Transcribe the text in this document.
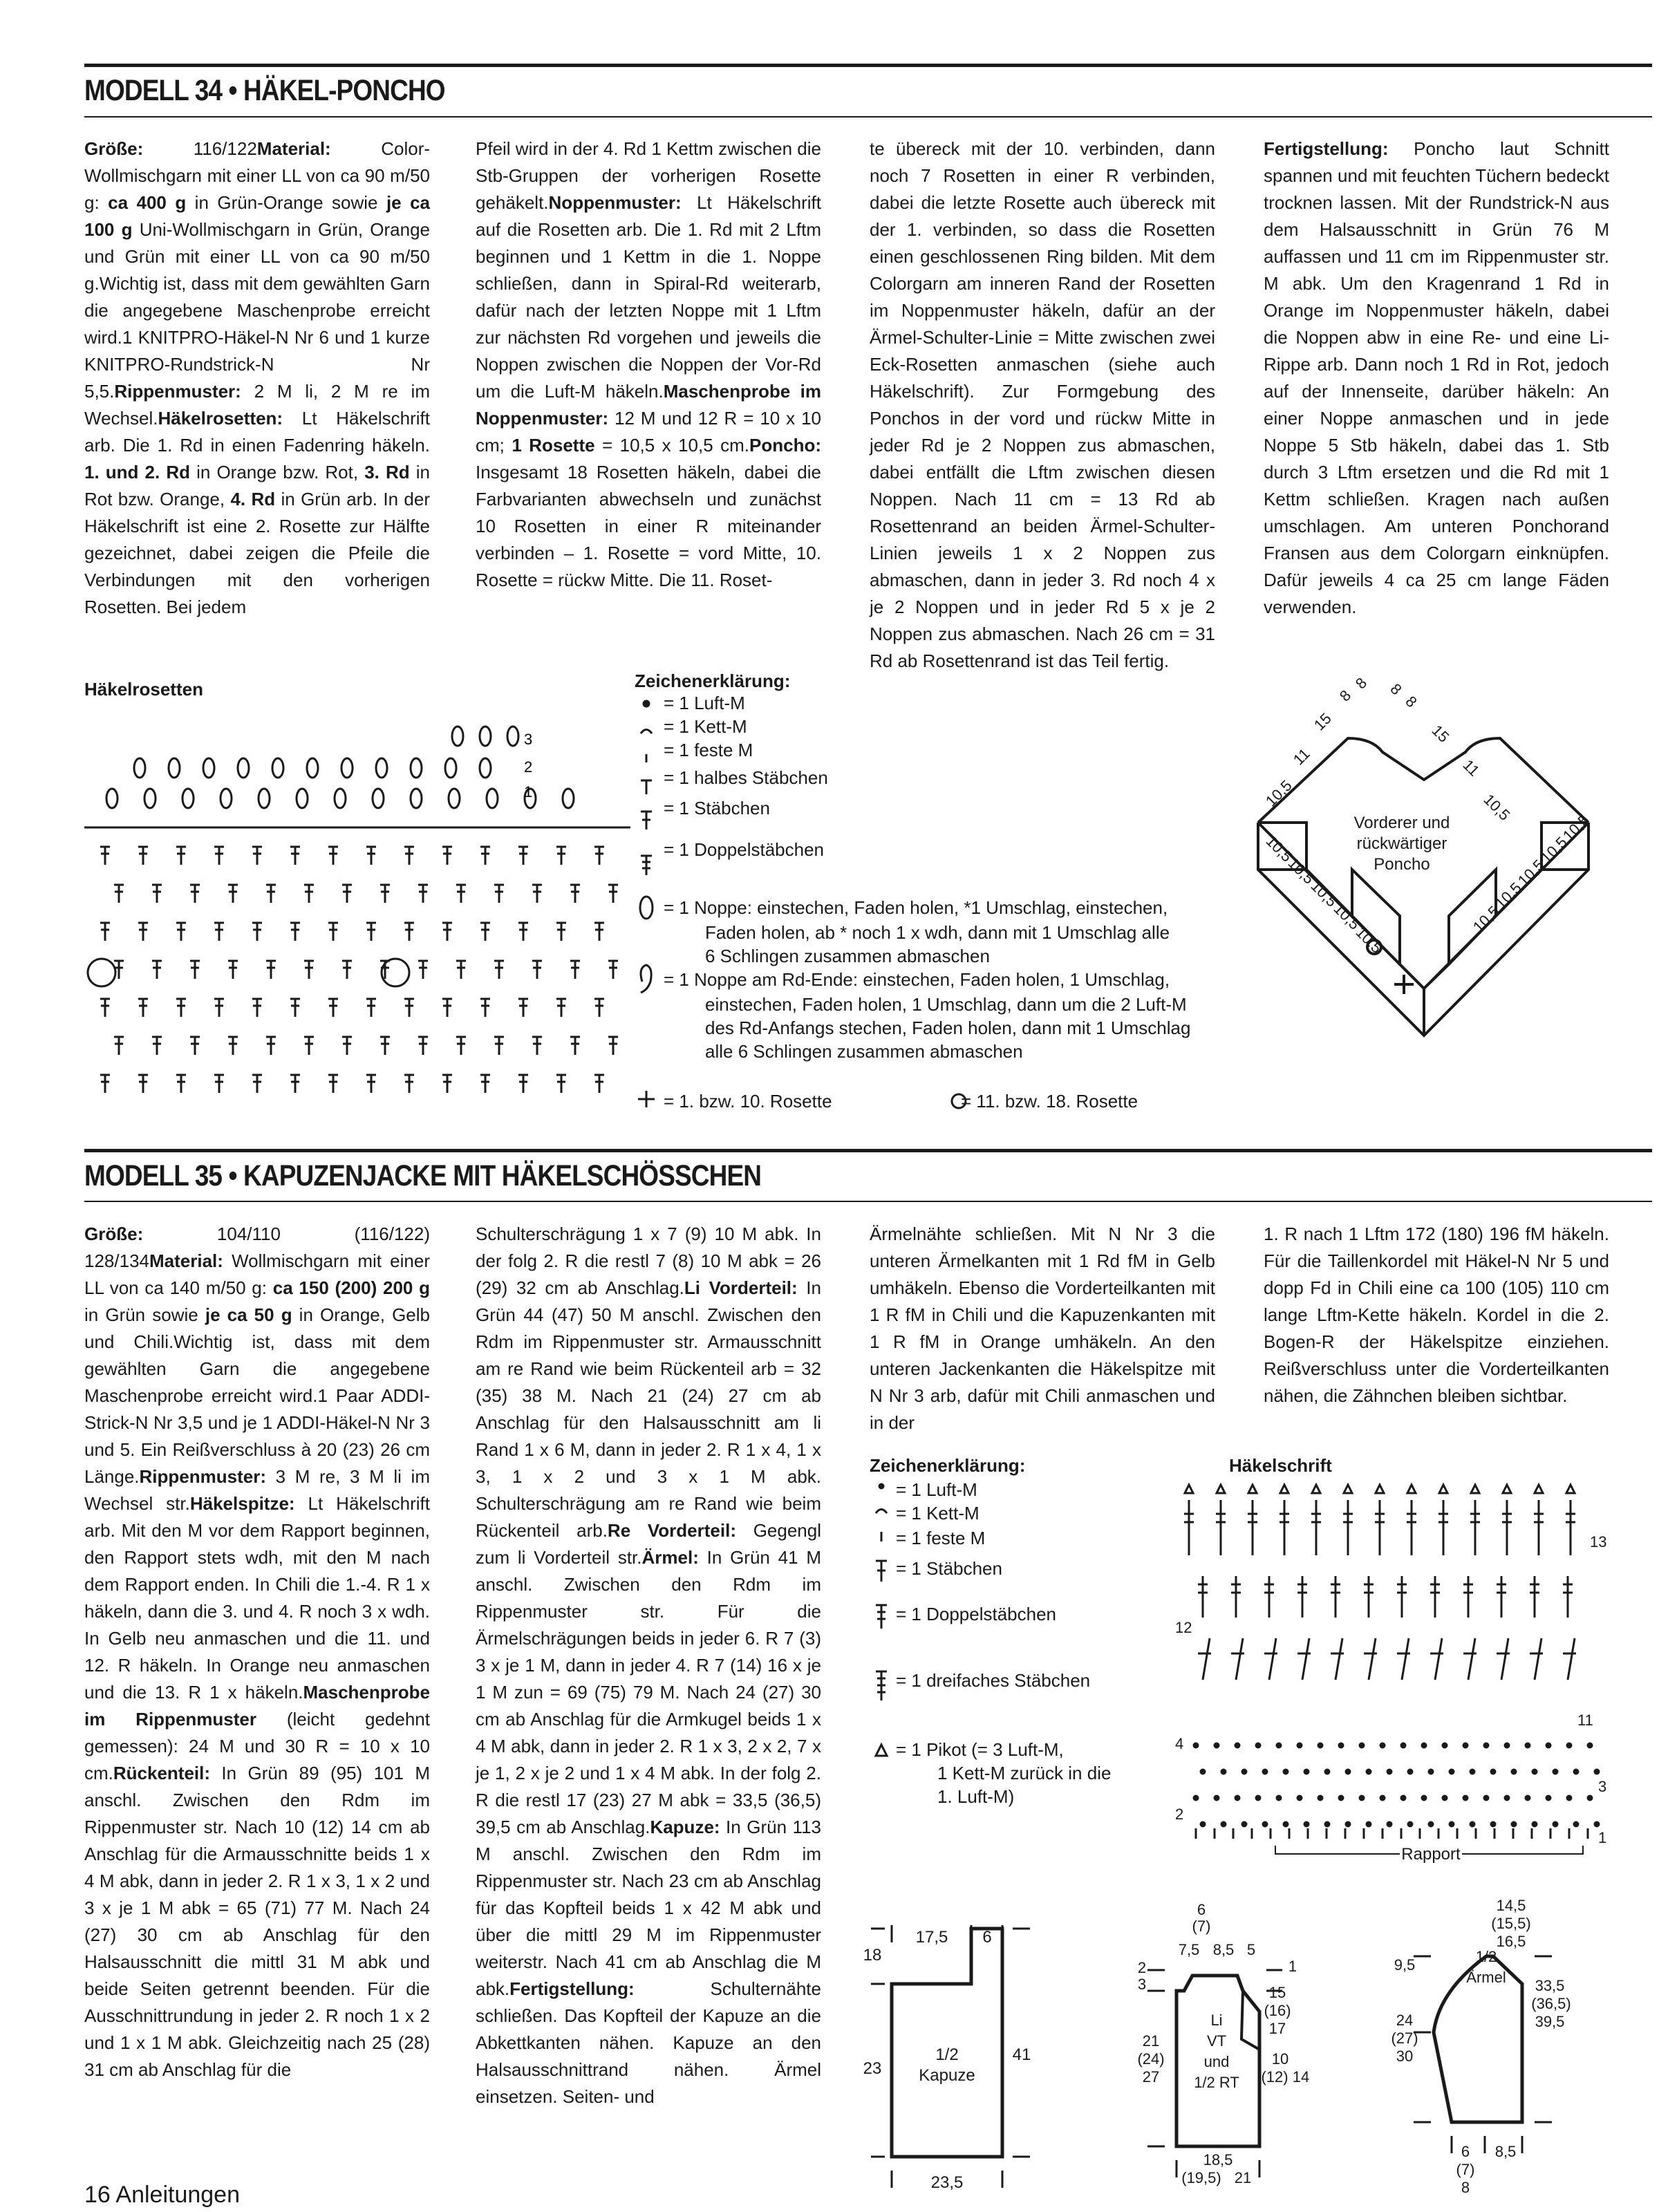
MODELL 34 • HÄKEL-PONCHO

Größe: 116/122Material: Color-Wollmischgarn mit einer LL von ca 90 m/50 g: ca 400 g in Grün-Orange sowie je ca 100 g Uni-Wollmischgarn in Grün, Orange und Grün mit einer LL von ca 90 m/50 g.Wichtig ist, dass mit dem gewählten Garn die angegebene Maschenprobe erreicht wird.1 KNITPRO-Häkel-N Nr 6 und 1 kurze KNITPRO-Rundstrick-N Nr 5,5.Rippenmuster: 2 M li, 2 M re im Wechsel.Häkelrosetten: Lt Häkelschrift arb. Die 1. Rd in einen Fadenring häkeln. 1. und 2. Rd in Orange bzw. Rot, 3. Rd in Rot bzw. Orange, 4. Rd in Grün arb. In der Häkelschrift ist eine 2. Rosette zur Hälfte gezeichnet, dabei zeigen die Pfeile die Verbindungen mit den vorherigen Rosetten. Bei jedem

Pfeil wird in der 4. Rd 1 Kettm zwischen die Stb-Gruppen der vorherigen Rosette gehäkelt.Noppenmuster: Lt Häkelschrift auf die Rosetten arb. Die 1. Rd mit 2 Lftm beginnen und 1 Kettm in die 1. Noppe schließen, dann in Spiral-Rd weiterarb, dafür nach der letzten Noppe mit 1 Lftm zur nächsten Rd vorgehen und jeweils die Noppen zwischen die Noppen der Vor-Rd um die Luft-M häkeln.Maschenprobe im Noppenmuster: 12 M und 12 R = 10 x 10 cm; 1 Rosette = 10,5 x 10,5 cm.Poncho: Insgesamt 18 Rosetten häkeln, dabei die Farbvarianten abwechseln und zunächst 10 Rosetten in einer R miteinander verbinden – 1. Rosette = vord Mitte, 10. Rosette = rückw Mitte. Die 11. Roset-

te übereck mit der 10. verbinden, dann noch 7 Rosetten in einer R verbinden, dabei die letzte Rosette auch übereck mit der 1. verbinden, so dass die Rosetten einen geschlossenen Ring bilden. Mit dem Colorgarn am inneren Rand der Rosetten im Noppenmuster häkeln, dafür an der Ärmel-Schulter-Linie = Mitte zwischen zwei Eck-Rosetten anmaschen (siehe auch Häkelschrift). Zur Formgebung des Ponchos in der vord und rückw Mitte in jeder Rd je 2 Noppen zus abmaschen, dabei entfällt die Lftm zwischen diesen Noppen. Nach 11 cm = 13 Rd ab Rosettenrand an beiden Ärmel-Schulter-Linien jeweils 1 x 2 Noppen zus abmaschen, dann in jeder 3. Rd noch 4 x je 2 Noppen und in jeder Rd 5 x je 2 Noppen zus abmaschen. Nach 26 cm = 31 Rd ab Rosettenrand ist das Teil fertig.

Fertigstellung: Poncho laut Schnitt spannen und mit feuchten Tüchern bedeckt trocknen lassen. Mit der Rundstrick-N aus dem Halsausschnitt in Grün 76 M auffassen und 11 cm im Rippenmuster str. M abk. Um den Kragenrand 1 Rd in Orange im Noppenmuster häkeln, dabei die Noppen abw in eine Re- und eine Li-Rippe arb. Dann noch 1 Rd in Rot, jedoch auf der Innenseite, darüber häkeln: An einer Noppe anmaschen und in jede Noppe 5 Stb häkeln, dabei das 1. Stb durch 3 Lftm ersetzen und die Rd mit 1 Kettm schließen. Kragen nach außen umschlagen. Am unteren Ponchorand Fransen aus dem Colorgarn einknüpfen. Dafür jeweils 4 ca 25 cm lange Fäden verwenden.

Häkelrosetten
3
2
1
Zeichenerklärung:
= 1 Luft-M
= 1 Kett-M
= 1 feste M
= 1 halbes Stäbchen
= 1 Stäbchen
= 1 Doppelstäbchen
= 1 Noppe: einstechen, Faden holen, *1 Umschlag, einstechen,
Faden holen, ab * noch 1 x wdh, dann mit 1 Umschlag alle
6 Schlingen zusammen abmaschen
= 1 Noppe am Rd-Ende: einstechen, Faden holen, 1 Umschlag,
einstechen, Faden holen, 1 Umschlag, dann um die 2 Luft-M
des Rd-Anfangs stechen, Faden holen, dann mit 1 Umschlag
alle 6 Schlingen zusammen abmaschen
= 1. bzw. 10. Rosette	= 11. bzw. 18. Rosette
Vorderer und
rückwärtiger
Poncho
8
8 8
8
15	15
11	11
10,5	10,5
10,5
10,5
10,5
10,5
10,5
10,5
10,5
10,5
10,5
10,5
MODELL 35 • KAPUZENJACKE MIT HÄKELSCHÖSSCHEN

Größe: 104/110 (116/122) 128/134Material: Wollmischgarn mit einer LL von ca 140 m/50 g: ca 150 (200) 200 g in Grün sowie je ca 50 g in Orange, Gelb und Chili.Wichtig ist, dass mit dem gewählten Garn die angegebene Maschenprobe erreicht wird.1 Paar ADDI-Strick-N Nr 3,5 und je 1 ADDI-Häkel-N Nr 3 und 5. Ein Reißverschluss à 20 (23) 26 cm Länge.Rippenmuster: 3 M re, 3 M li im Wechsel str.Häkelspitze: Lt Häkelschrift arb. Mit den M vor dem Rapport beginnen, den Rapport stets wdh, mit den M nach dem Rapport enden. In Chili die 1.-4. R 1 x häkeln, dann die 3. und 4. R noch 3 x wdh. In Gelb neu anmaschen und die 11. und 12. R häkeln. In Orange neu anmaschen und die 13. R 1 x häkeln.Maschenprobe im Rippenmuster (leicht gedehnt gemessen): 24 M und 30 R = 10 x 10 cm.Rückenteil: In Grün 89 (95) 101 M anschl. Zwischen den Rdm im Rippenmuster str. Nach 10 (12) 14 cm ab Anschlag für die Armausschnitte beids 1 x 4 M abk, dann in jeder 2. R 1 x 3, 1 x 2 und 3 x je 1 M abk = 65 (71) 77 M. Nach 24 (27) 30 cm ab Anschlag für den Halsausschnitt die mittl 31 M abk und beide Seiten getrennt beenden. Für die Ausschnittrundung in jeder 2. R noch 1 x 2 und 1 x 1 M abk. Gleichzeitig nach 25 (28) 31 cm ab Anschlag für die

Schulterschrägung 1 x 7 (9) 10 M abk. In der folg 2. R die restl 7 (8) 10 M abk = 26 (29) 32 cm ab Anschlag.Li Vorderteil: In Grün 44 (47) 50 M anschl. Zwischen den Rdm im Rippenmuster str. Armausschnitt am re Rand wie beim Rückenteil arb = 32 (35) 38 M. Nach 21 (24) 27 cm ab Anschlag für den Halsausschnitt am li Rand 1 x 6 M, dann in jeder 2. R 1 x 4, 1 x 3, 1 x 2 und 3 x 1 M abk. Schulterschrägung am re Rand wie beim Rückenteil arb.Re Vorderteil: Gegengl zum li Vorderteil str.Ärmel: In Grün 41 M anschl. Zwischen den Rdm im Rippenmuster str. Für die Ärmelschrägungen beids in jeder 6. R 7 (3) 3 x je 1 M, dann in jeder 4. R 7 (14) 16 x je 1 M zun = 69 (75) 79 M. Nach 24 (27) 30 cm ab Anschlag für die Armkugel beids 1 x 4 M abk, dann in jeder 2. R 1 x 3, 2 x 2, 7 x je 1, 2 x je 2 und 1 x 4 M abk. In der folg 2. R die restl 17 (23) 27 M abk = 33,5 (36,5) 39,5 cm ab Anschlag.Kapuze: In Grün 113 M anschl. Zwischen den Rdm im Rippenmuster str. Nach 23 cm ab Anschlag für das Kopfteil beids 1 x 42 M abk und über die mittl 29 M im Rippenmuster weiterstr. Nach 41 cm ab Anschlag die M abk.Fertigstellung: Schulternähte schließen. Das Kopfteil der Kapuze an die Abkettkanten nähen. Kapuze an den Halsausschnittrand nähen. Ärmel einsetzen. Seiten- und

Ärmelnähte schließen. Mit N Nr 3 die unteren Ärmelkanten mit 1 Rd fM in Gelb umhäkeln. Ebenso die Vorderteilkanten mit 1 R fM in Chili und die Kapuzenkanten mit 1 R fM in Orange umhäkeln. An den unteren Jackenkanten die Häkelspitze mit N Nr 3 arb, dafür mit Chili anmaschen und in der

1. R nach 1 Lftm 172 (180) 196 fM häkeln. Für die Taillenkordel mit Häkel-N Nr 5 und dopp Fd in Chili eine ca 100 (105) 110 cm lange Lftm-Kette häkeln. Kordel in die 2. Bogen-R der Häkelspitze einziehen. Reißverschluss unter die Vorderteilkanten nähen, die Zähnchen bleiben sichtbar.

Zeichenerklärung:
= 1 Luft-M
= 1 Kett-M
= 1 feste M
= 1 Stäbchen
= 1 Doppelstäbchen
= 1 dreifaches Stäbchen
= 1 Pikot (= 3 Luft-M,
1 Kett-M zurück in die
1. Luft-M)
Häkelschrift
Rapport
13
12
11
4
3
2
1
17,5 6
18
41
23
23,5
1/2
Kapuze
6
(7)
7,5 8,5 5
2
3
1
15
(16)
17
21
(24)
27
10
(12) 14
Li
VT
und
1/2 RT
18,5
(19,5) 21
14,5
(15,5)
16,5
9,5
24
(27)
30
1/2
Ärmel 33,5
(36,5)
39,5
6
(7)
8
8,5
16 Anleitungen
